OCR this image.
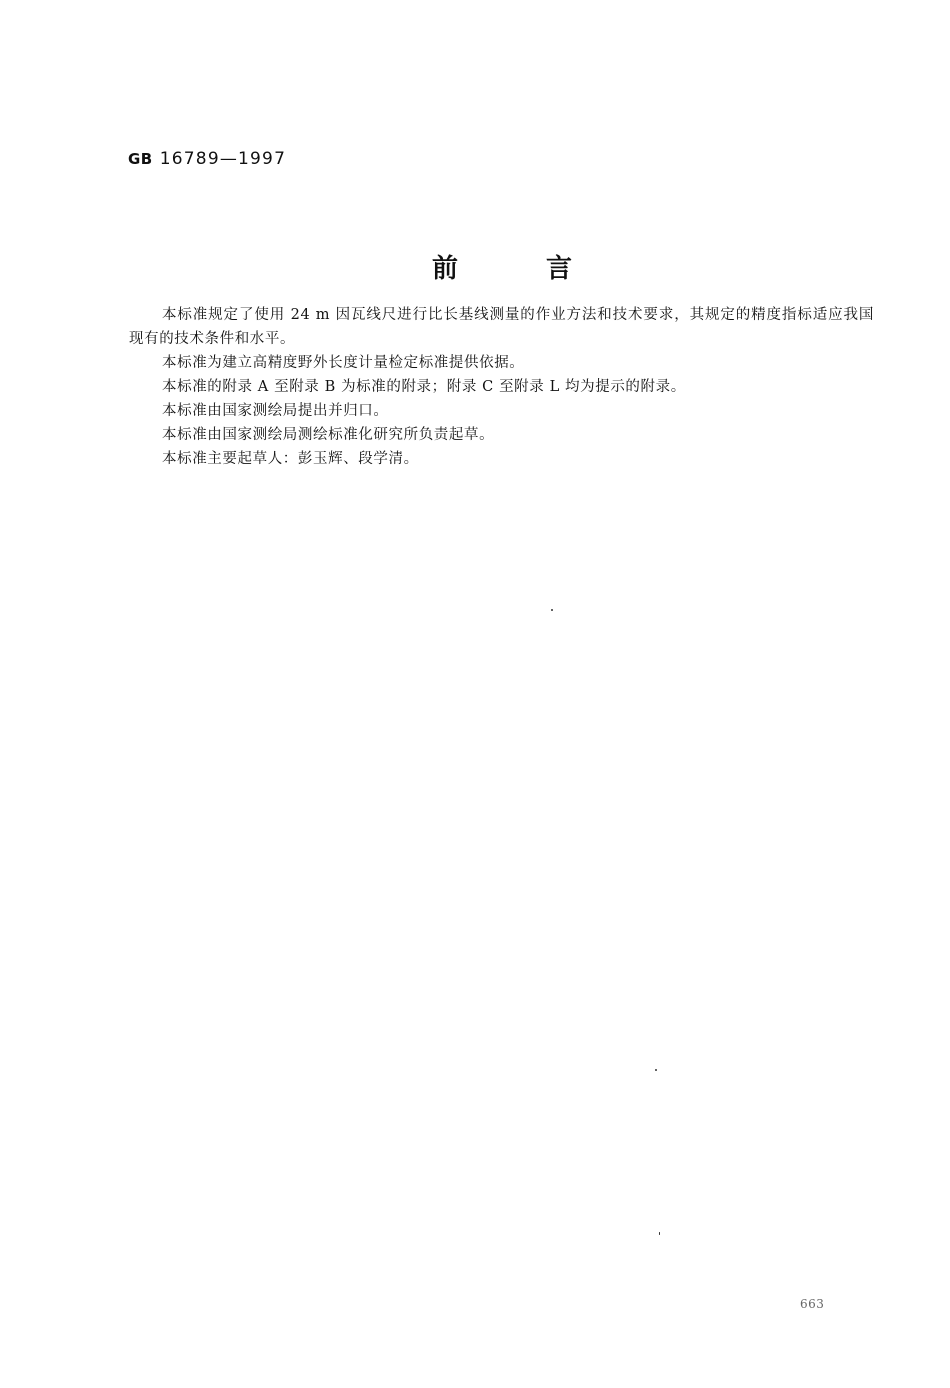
GB 16789—1997
前	言

本标准规定了使用 24 m 因瓦线尺进行比长基线测量的作业方法和技术要求，其规定的精度指标适应我国现有的技术条件和水平。

本标准为建立高精度野外长度计量检定标准提供依据。

本标准的附录 A 至附录 B 为标准的附录；附录 C 至附录 L 均为提示的附录。

本标准由国家测绘局提出并归口。

本标准由国家测绘局测绘标准化研究所负责起草。

本标准主要起草人：彭玉辉、段学清。

663
